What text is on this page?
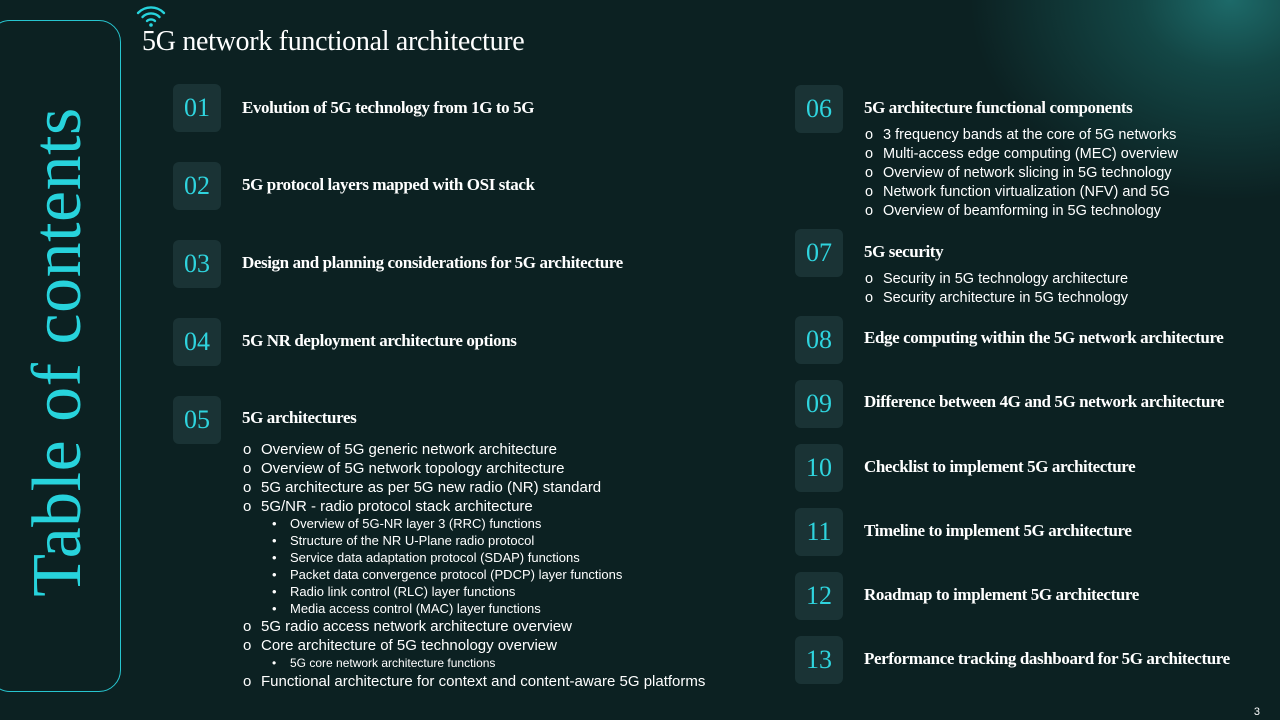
Table of contents
5G network functional architecture
01	Evolution of 5G technology from 1G to 5G
02	5G protocol layers mapped with OSI stack
03	Design and planning considerations for 5G architecture
04	5G NR deployment architecture options
05	5G architectures
o Overview of 5G generic network architecture
o Overview of 5G network topology architecture
o 5G architecture as per 5G new radio (NR) standard
o 5G/NR - radio protocol stack architecture
• Overview of 5G-NR layer 3 (RRC) functions
• Structure of the NR U-Plane radio protocol
• Service data adaptation protocol (SDAP) functions
• Packet data convergence protocol (PDCP) layer functions
• Radio link control (RLC) layer functions
• Media access control (MAC) layer functions
o 5G radio access network architecture overview
o Core architecture of 5G technology overview
• 5G core network architecture functions
o Functional architecture for context and content-aware 5G platforms
06	5G architecture functional components
o 3 frequency bands at the core of 5G networks
o Multi-access edge computing (MEC) overview
o Overview of network slicing in 5G technology
o Network function virtualization (NFV) and 5G
o Overview of beamforming in 5G technology
07	5G security
o Security in 5G technology architecture
o Security architecture in 5G technology
08	Edge computing within the 5G network architecture
09	Difference between 4G and 5G network architecture
10	Checklist to implement 5G architecture
11	Timeline to implement 5G architecture
12	Roadmap to implement 5G architecture
13	Performance tracking dashboard for 5G architecture
3
